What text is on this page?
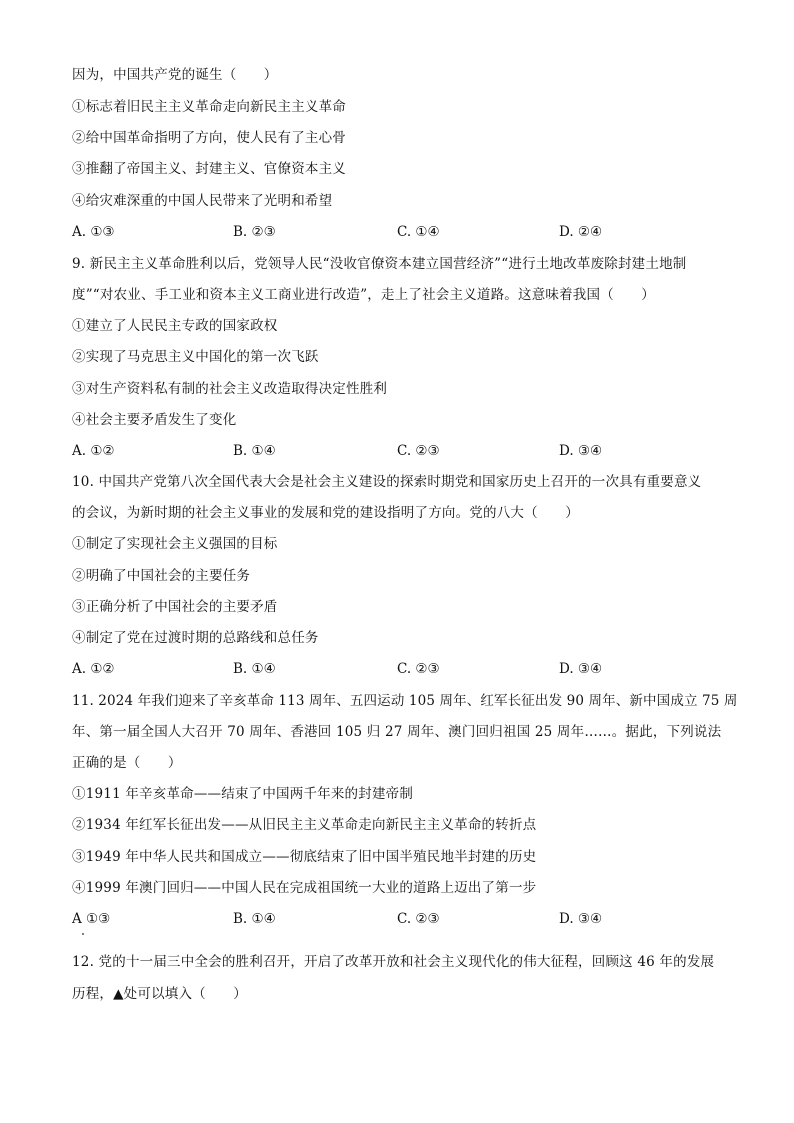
因为，中国共产党的诞生（　　）
①标志着旧民主主义革命走向新民主主义革命
②给中国革命指明了方向，使人民有了主心骨
③推翻了帝国主义、封建主义、官僚资本主义
④给灾难深重的中国人民带来了光明和希望
A. ①③	B. ②③	C. ①④	D. ②④
9. 新民主主义革命胜利以后，党领导人民“没收官僚资本建立国营经济”“进行土地改革废除封建土地制
度”“对农业、手工业和资本主义工商业进行改造”，走上了社会主义道路。这意味着我国（　　）
①建立了人民民主专政的国家政权
②实现了马克思主义中国化的第一次飞跃
③对生产资料私有制的社会主义改造取得决定性胜利
④社会主要矛盾发生了变化
A. ①②	B. ①④	C. ②③	D. ③④
10. 中国共产党第八次全国代表大会是社会主义建设的探索时期党和国家历史上召开的一次具有重要意义
的会议，为新时期的社会主义事业的发展和党的建设指明了方向。党的八大（　　）
①制定了实现社会主义强国的目标
②明确了中国社会的主要任务
③正确分析了中国社会的主要矛盾
④制定了党在过渡时期的总路线和总任务
A. ①②	B. ①④	C. ②③	D. ③④
11. 2024 年我们迎来了辛亥革命 113 周年、五四运动 105 周年、红军长征出发 90 周年、新中国成立 75 周
年、第一届全国人大召开 70 周年、香港回 105 归 27 周年、澳门回归祖国 25 周年……。据此，下列说法
正确的是（　　）
①1911 年辛亥革命——结束了中国两千年来的封建帝制
②1934 年红军长征出发——从旧民主主义革命走向新民主主义革命的转折点
③1949 年中华人民共和国成立——彻底结束了旧中国半殖民地半封建的历史
④1999 年澳门回归——中国人民在完成祖国统一大业的道路上迈出了第一步
A ①③	B. ①④	C. ②③	D. ③④
12. 党的十一届三中全会的胜利召开，开启了改革开放和社会主义现代化的伟大征程，回顾这 46 年的发展
历程，▲处可以填入（　　）
